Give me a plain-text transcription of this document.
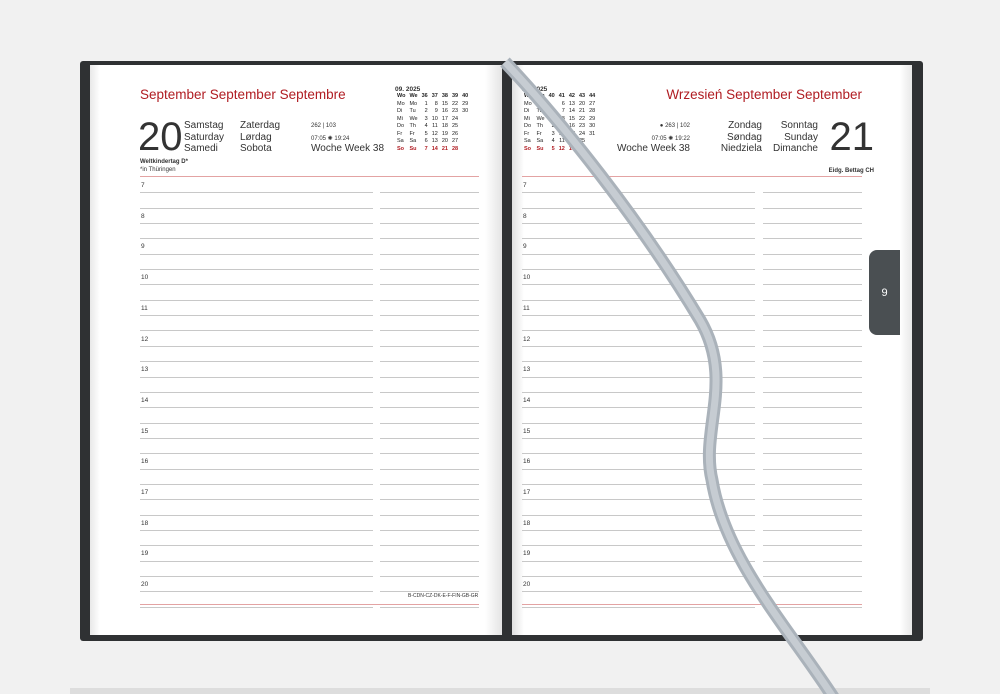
September September Septembre
20 Samstag
Saturday
Samedi
Zaterdag
Lørdag
Sobota
262 | 103
07:05 ✺ 19:24
Woche Week 38
Weltkindertag D*
*in Thüringen
09. 2025
Wo	We	36	37	38	39	40
Mo	Mo	1	8	15	22	29
Di	Tu	2	9	16	23	30
Mi	We	3	10	17	24	
Do	Th	4	11	18	25	
Fr	Fr	5	12	19	26	
Sa	Sa	6	13	20	27	
So	Su	7	14	21	28	
7
8
9
10
11
12
13
14
15
16
17
18
19
20
B-CDN-CZ-DK-E-F-FIN-GB-GR
Wrzesień September September
21
Sonntag
Sunday
Dimanche
Zondag
Søndag
Niedziela
● 263 | 102
07:05 ✺ 19:22
Woche Week 38
Eidg. Bettag CH
10. 2025
Wo	We	40	41	42	43	44
Mo	Mo		6	13	20	27
Di	Tu		7	14	21	28
Mi	We	1	8	15	22	29
Do	Th	2	9	16	23	30
Fr	Fr	3	10	17	24	31
Sa	Sa	4	11	18	25	
So	Su	5	12	19	26	
7
8
9
10
11
12
13
14
15
16
17
18
19
20
9
